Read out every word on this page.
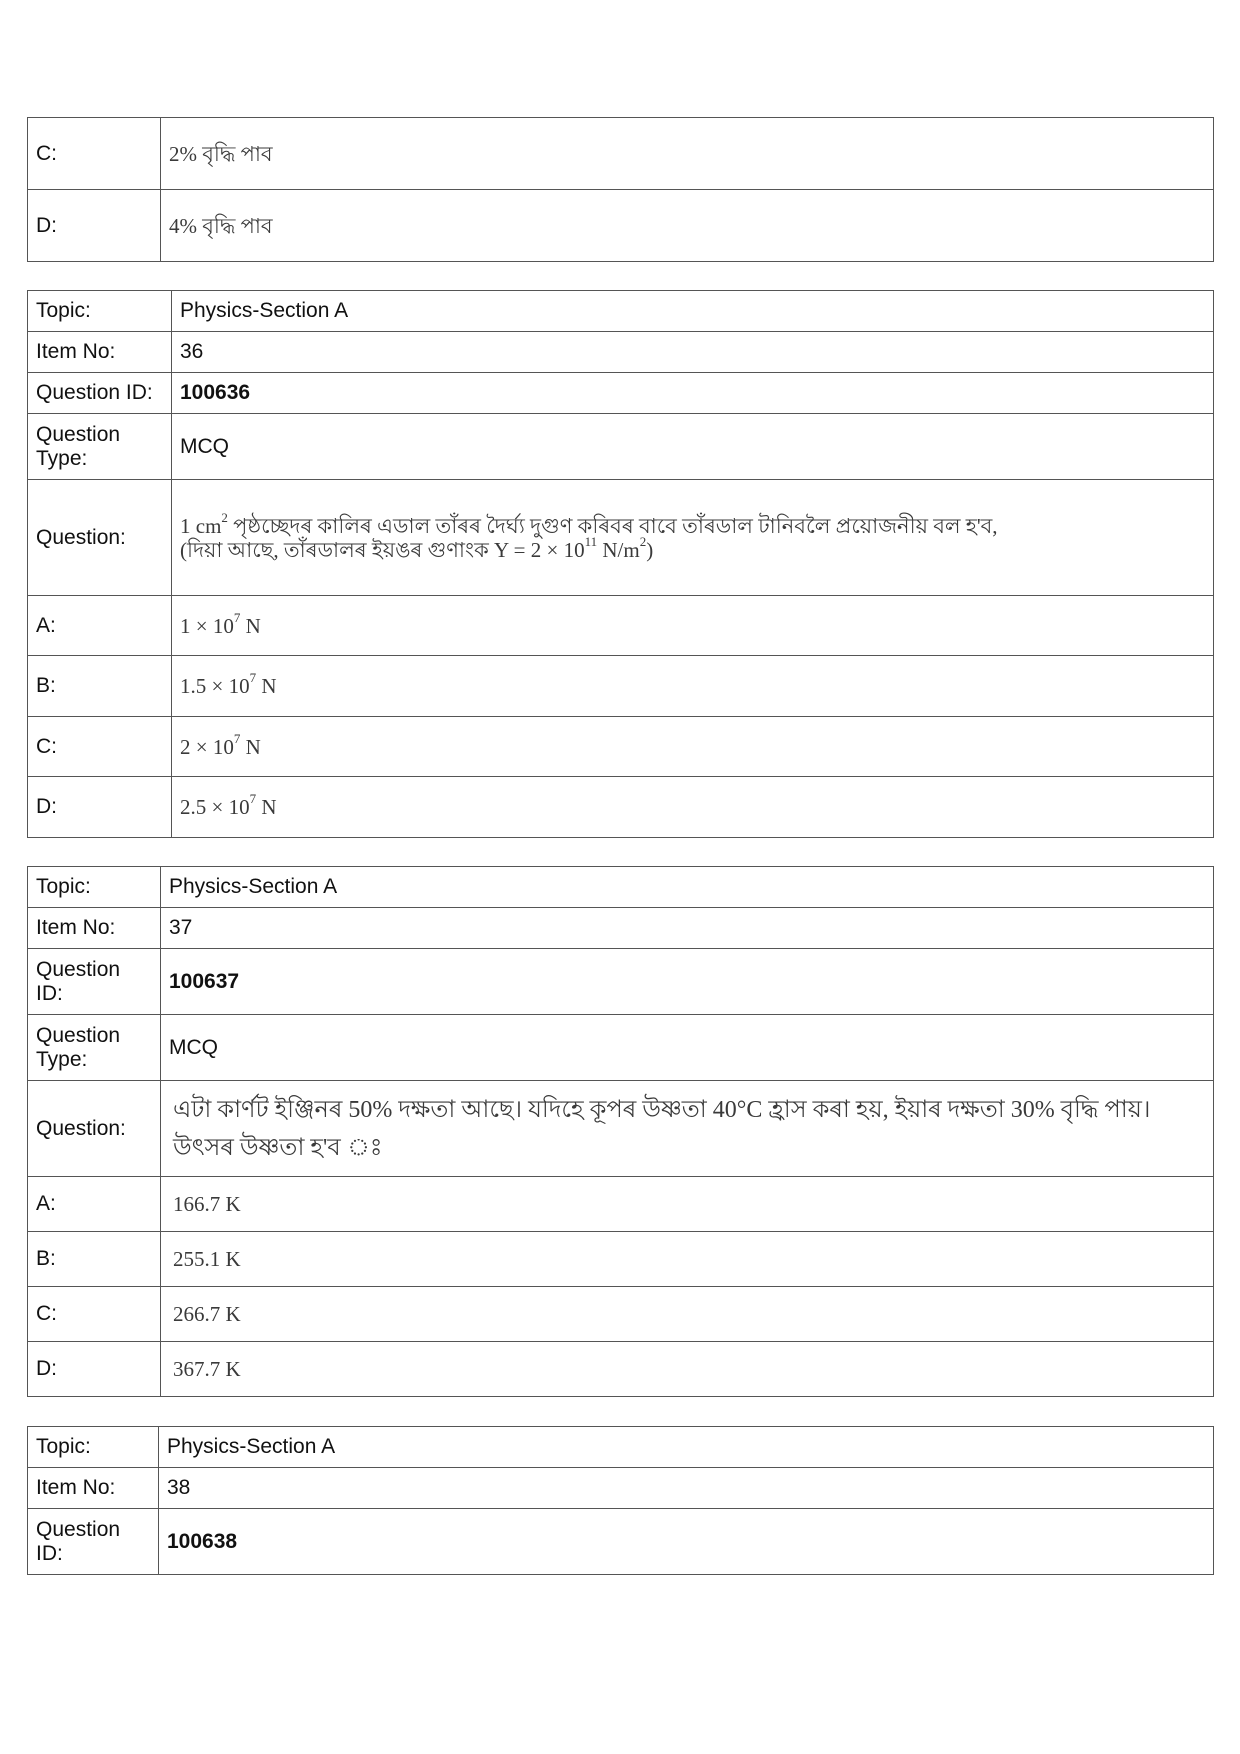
C:	2% বৃদ্ধি পাব
D:	4% বৃদ্ধি পাব
Topic:	Physics-Section A
Item No:	36
Question ID:	100636
Question
Type:	MCQ
Question:	1 $cm^2$ পৃষ্ঠচ্ছেদৰ কালিৰ এডাল তাঁৰৰ দৈৰ্ঘ্য দুগুণ কৰিবৰ বাবে তাঁৰডাল টানিবলৈ প্ৰয়োজনীয় বল হ'ব,
(দিয়া আছে, তাঁৰডালৰ ইয়ঙৰ গুণাংক $Y = 2 \times 10^{11}$ $N/m^2$)

A:	$1 \times 10^7$ N
B:	$1.5 \times 10^7$ N
C:	$2 \times 10^7$ N
D:	$2.5 \times 10^7$ N
Topic:	Physics-Section A
Item No:	37
Question
ID:	100637
Question
Type:	MCQ
Question:	এটা কাৰ্ণট ইঞ্জিনৰ 50% দক্ষতা আছে। যদিহে কূপৰ উষ্ণতা 40°C হ্ৰাস কৰা হয়, ইয়াৰ দক্ষতা 30% বৃদ্ধি পায়।
উৎসৰ উষ্ণতা হ'ব ঃ

A:	166.7 K
B:	255.1 K
C:	266.7 K
D:	367.7 K
Topic:	Physics-Section A
Item No:	38
Question
ID:	100638
